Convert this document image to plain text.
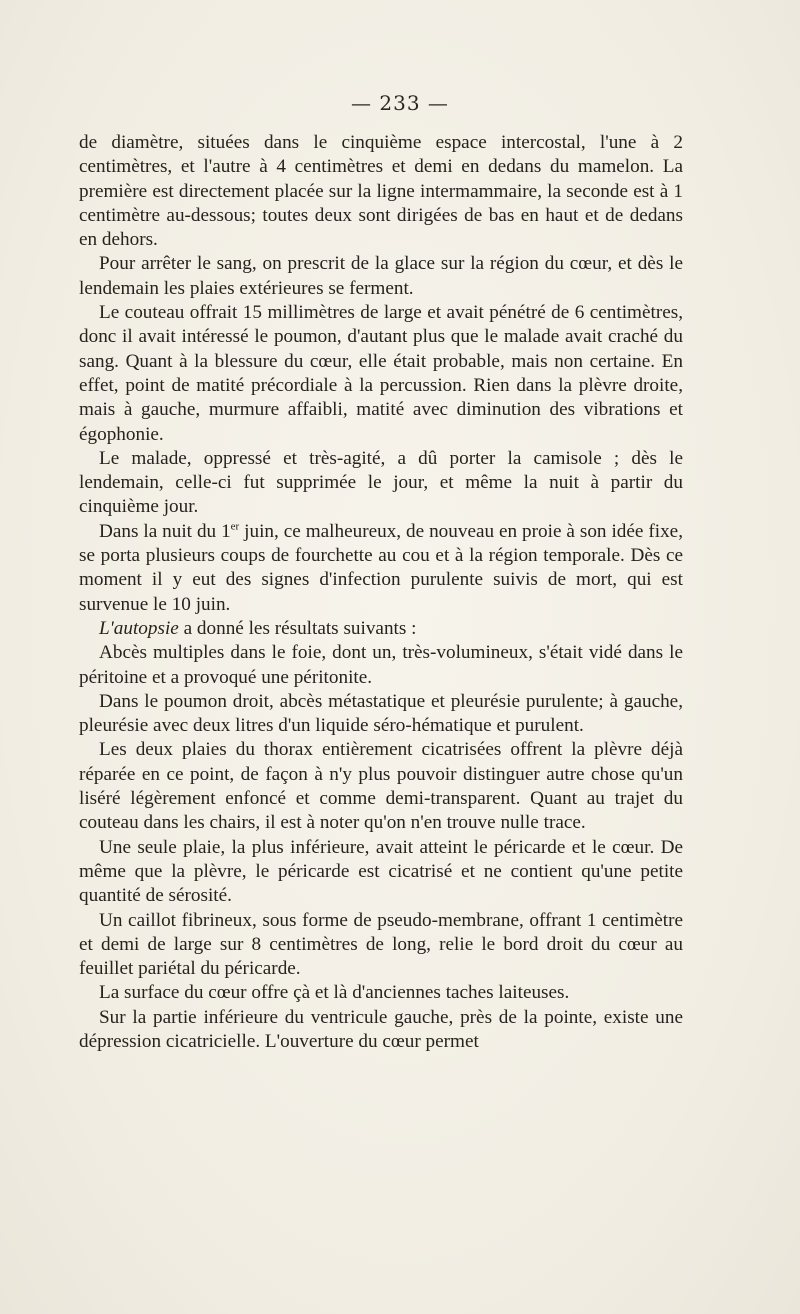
— 233 —

de diamètre, situées dans le cinquième espace intercostal, l'une à 2 centimètres, et l'autre à 4 centimètres et demi en dedans du mamelon. La première est directement placée sur la ligne intermammaire, la seconde est à 1 centimètre au-dessous; toutes deux sont dirigées de bas en haut et de dedans en dehors.

Pour arrêter le sang, on prescrit de la glace sur la région du cœur, et dès le lendemain les plaies extérieures se ferment.

Le couteau offrait 15 millimètres de large et avait pénétré de 6 centimètres, donc il avait intéressé le poumon, d'autant plus que le malade avait craché du sang. Quant à la blessure du cœur, elle était probable, mais non certaine. En effet, point de matité précordiale à la percussion. Rien dans la plèvre droite, mais à gauche, murmure affaibli, matité avec diminution des vibrations et égophonie.

Le malade, oppressé et très-agité, a dû porter la camisole ; dès le lendemain, celle-ci fut supprimée le jour, et même la nuit à partir du cinquième jour.

Dans la nuit du 1er juin, ce malheureux, de nouveau en proie à son idée fixe, se porta plusieurs coups de fourchette au cou et à la région temporale. Dès ce moment il y eut des signes d'infection purulente suivis de mort, qui est survenue le 10 juin.

L'autopsie a donné les résultats suivants :

Abcès multiples dans le foie, dont un, très-volumineux, s'était vidé dans le péritoine et a provoqué une péritonite.

Dans le poumon droit, abcès métastatique et pleurésie purulente; à gauche, pleurésie avec deux litres d'un liquide séro-hématique et purulent.

Les deux plaies du thorax entièrement cicatrisées offrent la plèvre déjà réparée en ce point, de façon à n'y plus pouvoir distinguer autre chose qu'un liséré légèrement enfoncé et comme demi-transparent. Quant au trajet du couteau dans les chairs, il est à noter qu'on n'en trouve nulle trace.

Une seule plaie, la plus inférieure, avait atteint le péricarde et le cœur. De même que la plèvre, le péricarde est cicatrisé et ne contient qu'une petite quantité de sérosité.

Un caillot fibrineux, sous forme de pseudo-membrane, offrant 1 centimètre et demi de large sur 8 centimètres de long, relie le bord droit du cœur au feuillet pariétal du péricarde.

La surface du cœur offre çà et là d'anciennes taches laiteuses.

Sur la partie inférieure du ventricule gauche, près de la pointe, existe une dépression cicatricielle. L'ouverture du cœur permet
